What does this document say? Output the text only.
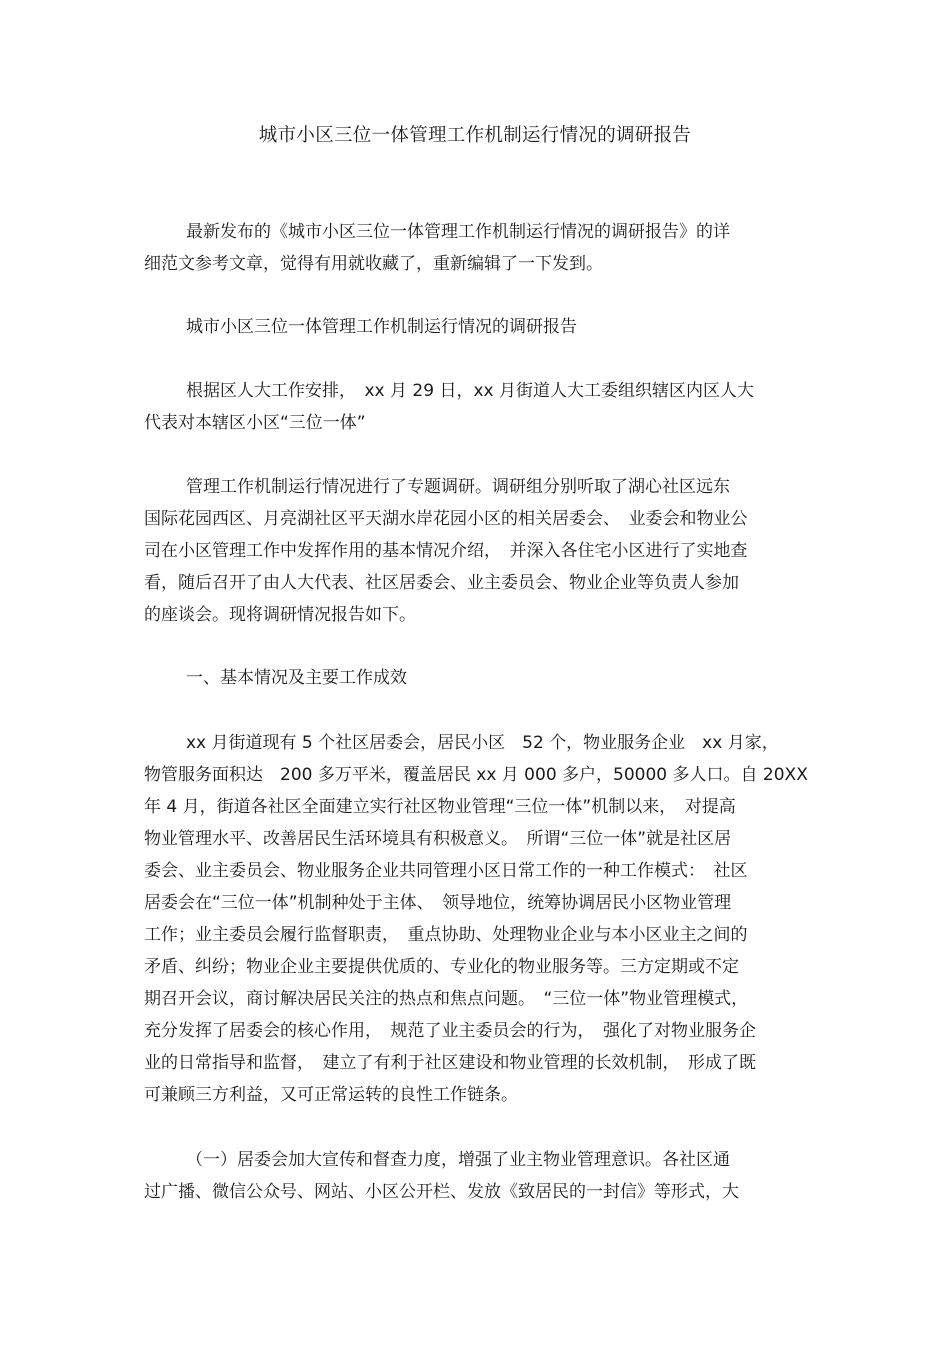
城市小区三位一体管理工作机制运行情况的调研报告
最新发布的《城市小区三位一体管理工作机制运行情况的调研报告》的详
细范文参考文章，觉得有用就收藏了，重新编辑了一下发到。
城市小区三位一体管理工作机制运行情况的调研报告
根据区人大工作安排，　xx 月 29 日，xx 月街道人大工委组织辖区内区人大
代表对本辖区小区“三位一体”
管理工作机制运行情况进行了专题调研。调研组分别听取了湖心社区远东
国际花园西区、月亮湖社区平天湖水岸花园小区的相关居委会、　业委会和物业公
司在小区管理工作中发挥作用的基本情况介绍，　并深入各住宅小区进行了实地查
看，随后召开了由人大代表、社区居委会、业主委员会、物业企业等负责人参加
的座谈会。现将调研情况报告如下。
一、基本情况及主要工作成效
xx 月街道现有 5 个社区居委会，居民小区　52 个，物业服务企业　xx 月家，
物管服务面积达　200 多万平米，覆盖居民 xx 月 000 多户，50000 多人口。自 20XX
年 4 月，街道各社区全面建立实行社区物业管理“三位一体”机制以来，　对提高
物业管理水平、改善居民生活环境具有积极意义。　所谓“三位一体”就是社区居
委会、业主委员会、物业服务企业共同管理小区日常工作的一种工作模式：　社区
居委会在“三位一体”机制种处于主体、　领导地位，统筹协调居民小区物业管理
工作；业主委员会履行监督职责，　重点协助、处理物业企业与本小区业主之间的
矛盾、纠纷；物业企业主要提供优质的、专业化的物业服务等。三方定期或不定
期召开会议，商讨解决居民关注的热点和焦点问题。　“三位一体”物业管理模式，
充分发挥了居委会的核心作用，　规范了业主委员会的行为，　强化了对物业服务企
业的日常指导和监督，　建立了有利于社区建设和物业管理的长效机制，　形成了既
可兼顾三方利益，又可正常运转的良性工作链条。
（一）居委会加大宣传和督查力度，增强了业主物业管理意识。各社区通
过广播、微信公众号、网站、小区公开栏、发放《致居民的一封信》等形式，大
